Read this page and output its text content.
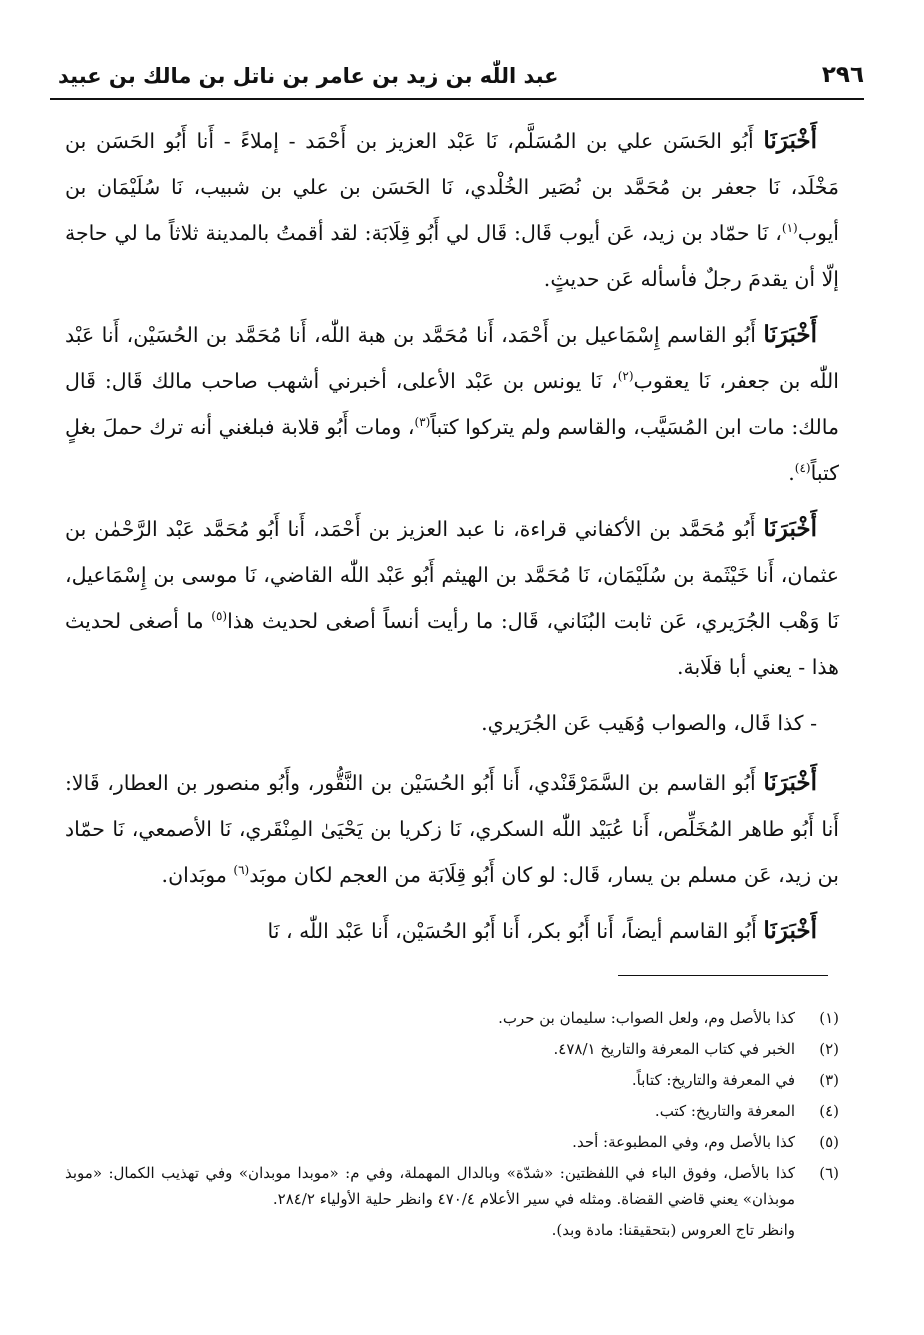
٢٩٦
عبد اللّٰه بن زيد بن عامر بن ناتل بن مالك بن عبيد

أَخْبَرَنَا أَبُو الحَسَن علي بن المُسَلَّم، نَا عَبْد العزيز بن أَحْمَد - إملاءً - أَنا أَبُو الحَسَن بن مَخْلَد، نَا جعفر بن مُحَمَّد بن نُصَير الخُلْدي، نَا الحَسَن بن علي بن شبيب، نَا سُلَيْمَان بن أيوب$^{(١)}$، نَا حمّاد بن زيد، عَن أيوب قَال: قَال لي أَبُو قِلَابَة: لقد أقمتُ بالمدينة ثلاثاً ما لي حاجة إلّا أن يقدمَ رجلٌ فأسأله عَن حديثٍ.

أَخْبَرَنَا أَبُو القاسم إِسْمَاعيل بن أَحْمَد، أَنا مُحَمَّد بن هبة اللّٰه، أَنا مُحَمَّد بن الحُسَيْن، أَنا عَبْد اللّٰه بن جعفر، نَا يعقوب$^{(٢)}$، نَا يونس بن عَبْد الأعلى، أخبرني أشهب صاحب مالك قَال: قَال مالك: مات ابن المُسَيَّب، والقاسم ولم يتركوا كتباً$^{(٣)}$، ومات أَبُو قلابة فبلغني أنه ترك حملَ بغلٍ كتباً$^{(٤)}$.

أَخْبَرَنَا أَبُو مُحَمَّد بن الأكفاني قراءة، نا عبد العزيز بن أَحْمَد، أَنا أَبُو مُحَمَّد عَبْد الرَّحْمٰن بن عثمان، أَنا خَيْثَمة بن سُلَيْمَان، نَا مُحَمَّد بن الهيثم أَبُو عَبْد اللّٰه القاضي، نَا موسى بن إِسْمَاعيل، نَا وَهْب الجُرَيري، عَن ثابت البُنَاني، قَال: ما رأيت أنساً أصغى لحديث هذا$^{(٥)}$ ما أصغى لحديث هذا - يعني أبا قلَابة.

- كذا قَال، والصواب وُهَيب عَن الجُرَيري.

أَخْبَرَنَا أَبُو القاسم بن السَّمَرْقَنْدي، أَنا أَبُو الحُسَيْن بن النَّقُّور، وأَبُو منصور بن العطار، قَالا: أَنا أَبُو طاهر المُخَلِّص، أَنا عُبَيْد اللّٰه السكري، نَا زكريا بن يَحْيَىٰ المِنْقَري، نَا الأصمعي، نَا حمّاد بن زيد، عَن مسلم بن يسار، قَال: لو كان أَبُو قِلَابَة من العجم لكان موبَد$^{(٦)}$ موبَدان.

أَخْبَرَنَا أَبُو القاسم أيضاً، أَنا أَبُو بكر، أَنا أَبُو الحُسَيْن، أَنا عَبْد اللّٰه ، نَا

(١)
كذا بالأصل وم، ولعل الصواب: سليمان بن حرب.
(٢)
الخبر في كتاب المعرفة والتاريخ ٤٧٨/١.
(٣)
في المعرفة والتاريخ: كتاباً.
(٤)
المعرفة والتاريخ: كتب.
(٥)
كذا بالأصل وم، وفي المطبوعة: أحد.
(٦)
كذا بالأصل، وفوق الباء في اللفظتين: «شدّة» وبالدال المهملة، وفي م: «موبدا موبدان» وفي تهذيب الكمال: «موبذ موبذان» يعني قاضي القضاة. ومثله في سير الأعلام ٤٧٠/٤ وانظر حلية الأولياء ٢٨٤/٢.
وانظر تاج العروس (بتحقيقنا: مادة وبد).
